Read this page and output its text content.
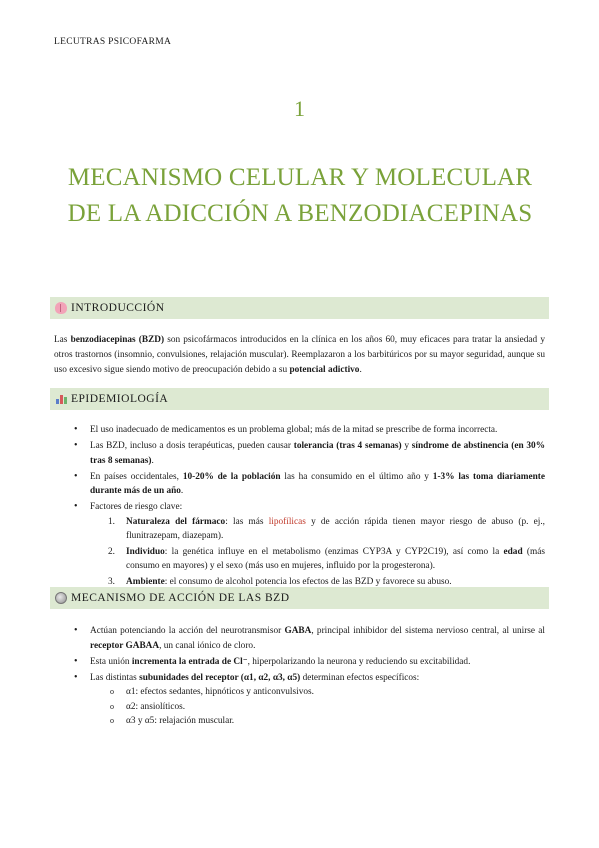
LECUTRAS PSICOFARMA
1
MECANISMO CELULAR Y MOLECULAR DE LA ADICCIÓN A BENZODIACEPINAS
INTRODUCCIÓN
Las benzodiacepinas (BZD) son psicofármacos introducidos en la clínica en los años 60, muy eficaces para tratar la ansiedad y otros trastornos (insomnio, convulsiones, relajación muscular). Reemplazaron a los barbitúricos por su mayor seguridad, aunque su uso excesivo sigue siendo motivo de preocupación debido a su potencial adictivo.
EPIDEMIOLOGÍA
• El uso inadecuado de medicamentos es un problema global; más de la mitad se prescribe de forma incorrecta.
• Las BZD, incluso a dosis terapéuticas, pueden causar tolerancia (tras 4 semanas) y síndrome de abstinencia (en 30% tras 8 semanas).
• En países occidentales, 10-20% de la población las ha consumido en el último año y 1-3% las toma diariamente durante más de un año.
• Factores de riesgo clave:
1. Naturaleza del fármaco: las más lipofílicas y de acción rápida tienen mayor riesgo de abuso (p. ej., flunitrazepam, diazepam).
2. Individuo: la genética influye en el metabolismo (enzimas CYP3A y CYP2C19), así como la edad (más consumo en mayores) y el sexo (más uso en mujeres, influido por la progesterona).
3. Ambiente: el consumo de alcohol potencia los efectos de las BZD y favorece su abuso.
MECANISMO DE ACCIÓN DE LAS BZD
• Actúan potenciando la acción del neurotransmisor GABA, principal inhibidor del sistema nervioso central, al unirse al receptor GABAA, un canal iónico de cloro.
• Esta unión incrementa la entrada de Cl⁻, hiperpolarizando la neurona y reduciendo su excitabilidad.
• Las distintas subunidades del receptor (α1, α2, α3, α5) determinan efectos específicos:
o α1: efectos sedantes, hipnóticos y anticonvulsivos.
o α2: ansiolíticos.
o α3 y α5: relajación muscular.
